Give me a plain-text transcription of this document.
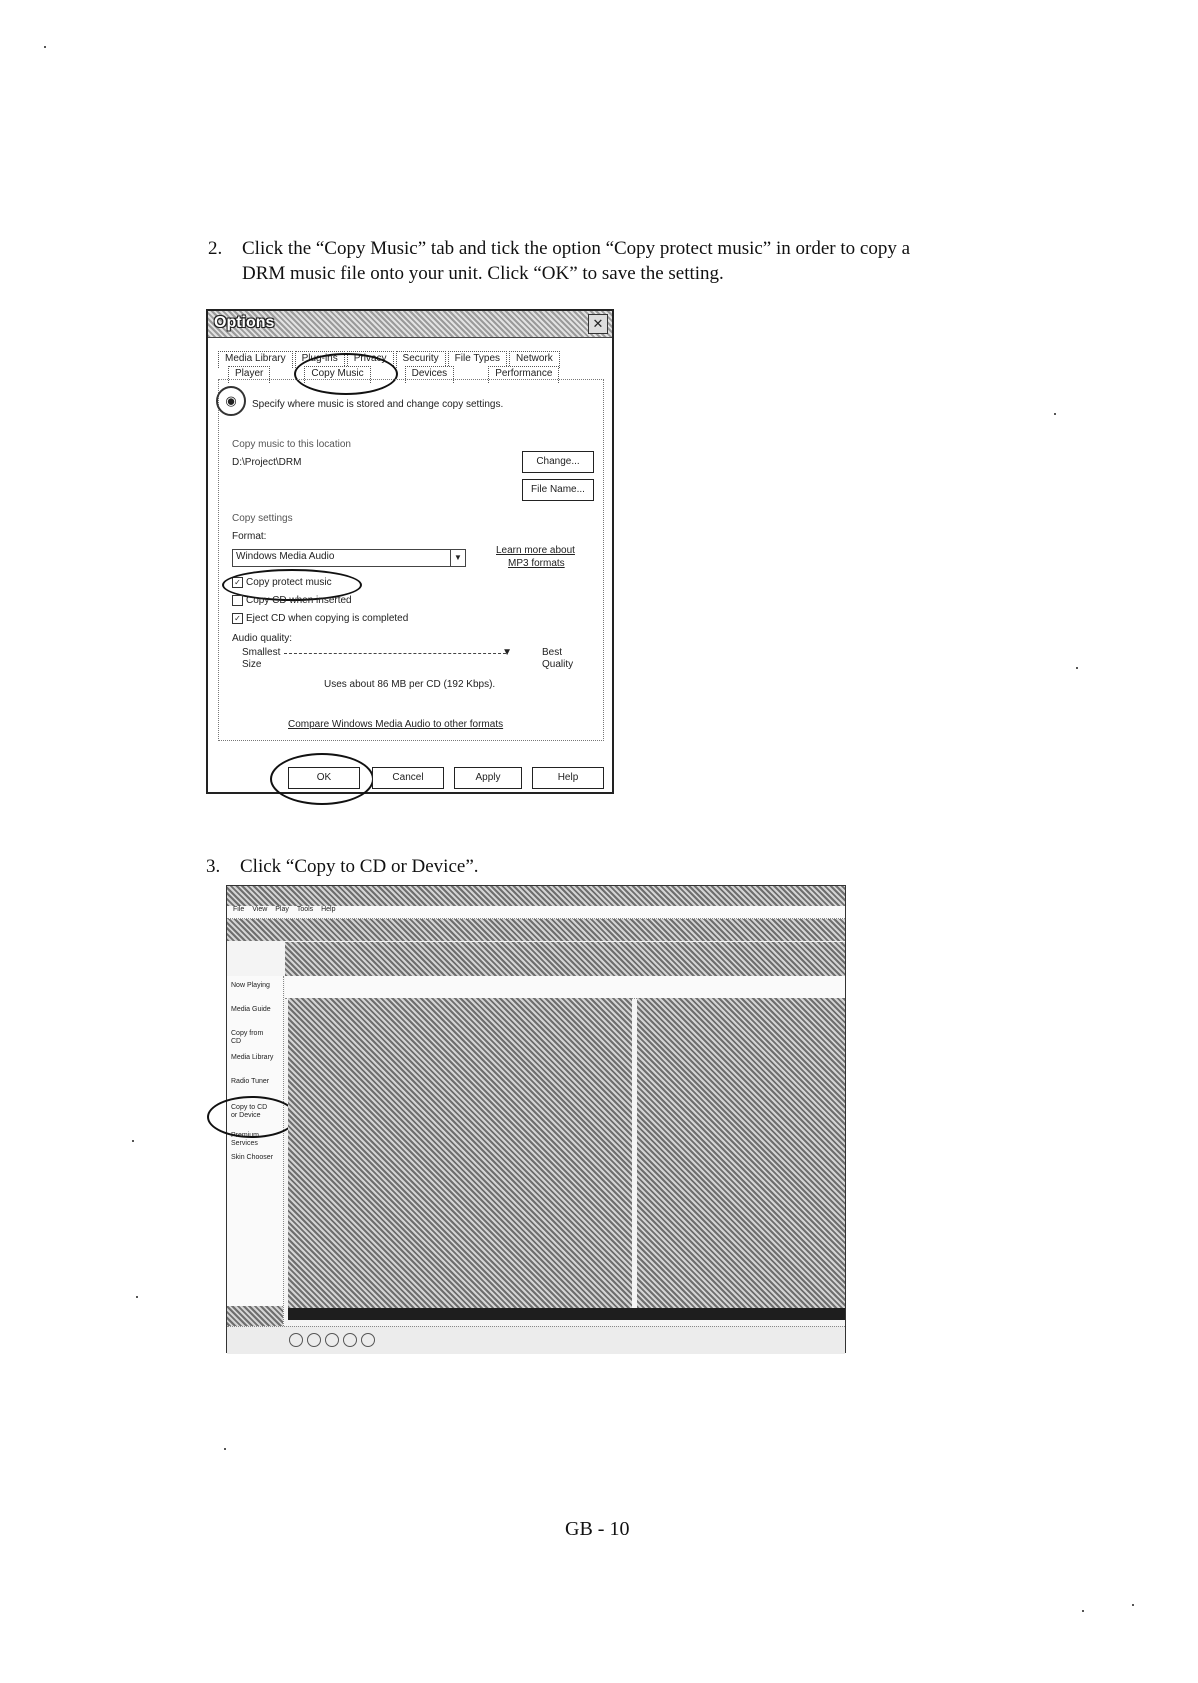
2. Click the “Copy Music” tab and tick the option “Copy protect music” in order to copy a
DRM music file onto your unit. Click “OK” to save the setting.
Options	✕
Media Library	Plug-ins	Privacy	Security	File Types	Network
Player	Copy Music	Devices	Performance
◉	Specify where music is stored and change copy settings.
Copy music to this location
D:\Project\DRM	Change...
File Name...
Copy settings
Format:
Windows Media Audio	▼
Learn more about
MP3 formats
✓ Copy protect music
Copy CD when inserted
✓ Eject CD when copying is completed
Audio quality:
Smallest
Size
▼	Best
Quality
Uses about 86 MB per CD (192 Kbps).
Compare Windows Media Audio to other formats
OK	Cancel	Apply	Help
3. Click “Copy to CD or Device”.
File View Play Tools Help
Now Playing
Media Guide
Copy from CD
Media Library
Radio Tuner
Copy to CD or Device
Premium Services
Skin Chooser
GB - 10
